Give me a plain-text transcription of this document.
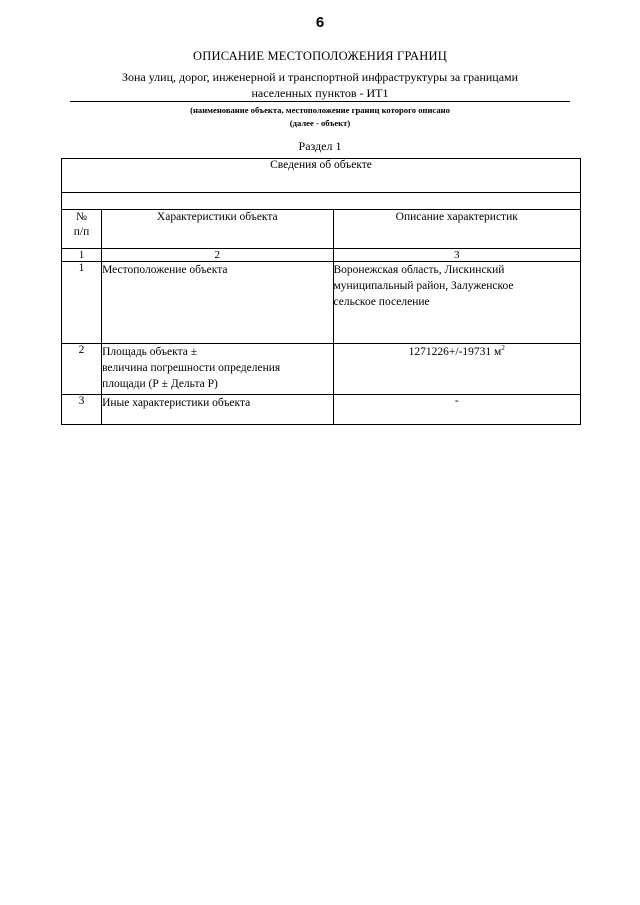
6
ОПИСАНИЕ МЕСТОПОЛОЖЕНИЯ ГРАНИЦ
Зона улиц, дорог, инженерной и транспортной инфраструктуры за границами
населенных пунктов - ИТ1
(наименование объекта, местоположение границ которого описано
(далее - объект)
Раздел 1
Сведения об объекте		

№
п/п	Характеристики объекта	Описание характеристик
1	2	3
1	Местоположение объекта	Воронежская область, Лискинский
муниципальный район, Залуженское
сельское поселение

2	Площадь объекта ±
величина погрешности определения
площади (Р ± Дельта Р)	1271226+/-19731 $м^2$
3	Иные характеристики объекта	-
